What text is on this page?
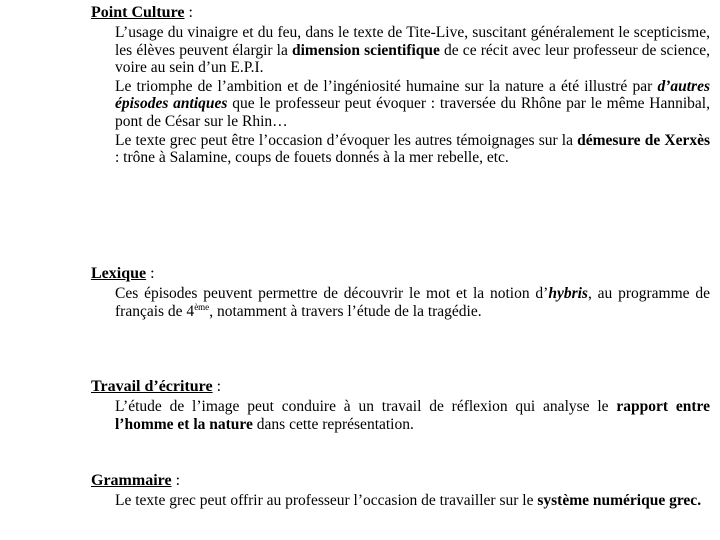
Point Culture :
L’usage du vinaigre et du feu, dans le texte de Tite-Live, suscitant généralement le scepticisme, les élèves peuvent élargir la dimension scientifique de ce récit avec leur professeur de science, voire au sein d’un E.P.I.
Le triomphe de l’ambition et de l’ingéniosité humaine sur la nature a été illustré par d’autres épisodes antiques que le professeur peut évoquer : traversée du Rhône par le même Hannibal, pont de César sur le Rhin…
Le texte grec peut être l’occasion d’évoquer les autres témoignages sur la démesure de Xerxès : trône à Salamine, coups de fouets donnés à la mer rebelle, etc.
Lexique :
Ces épisodes peuvent permettre de découvrir le mot et la notion d’hybris, au programme de français de 4ème, notamment à travers l’étude de la tragédie.
Travail d’écriture :
L’étude de l’image peut conduire à un travail de réflexion qui analyse le rapport entre l’homme et la nature dans cette représentation.
Grammaire :
Le texte grec peut offrir au professeur l’occasion de travailler sur le système numérique grec.
